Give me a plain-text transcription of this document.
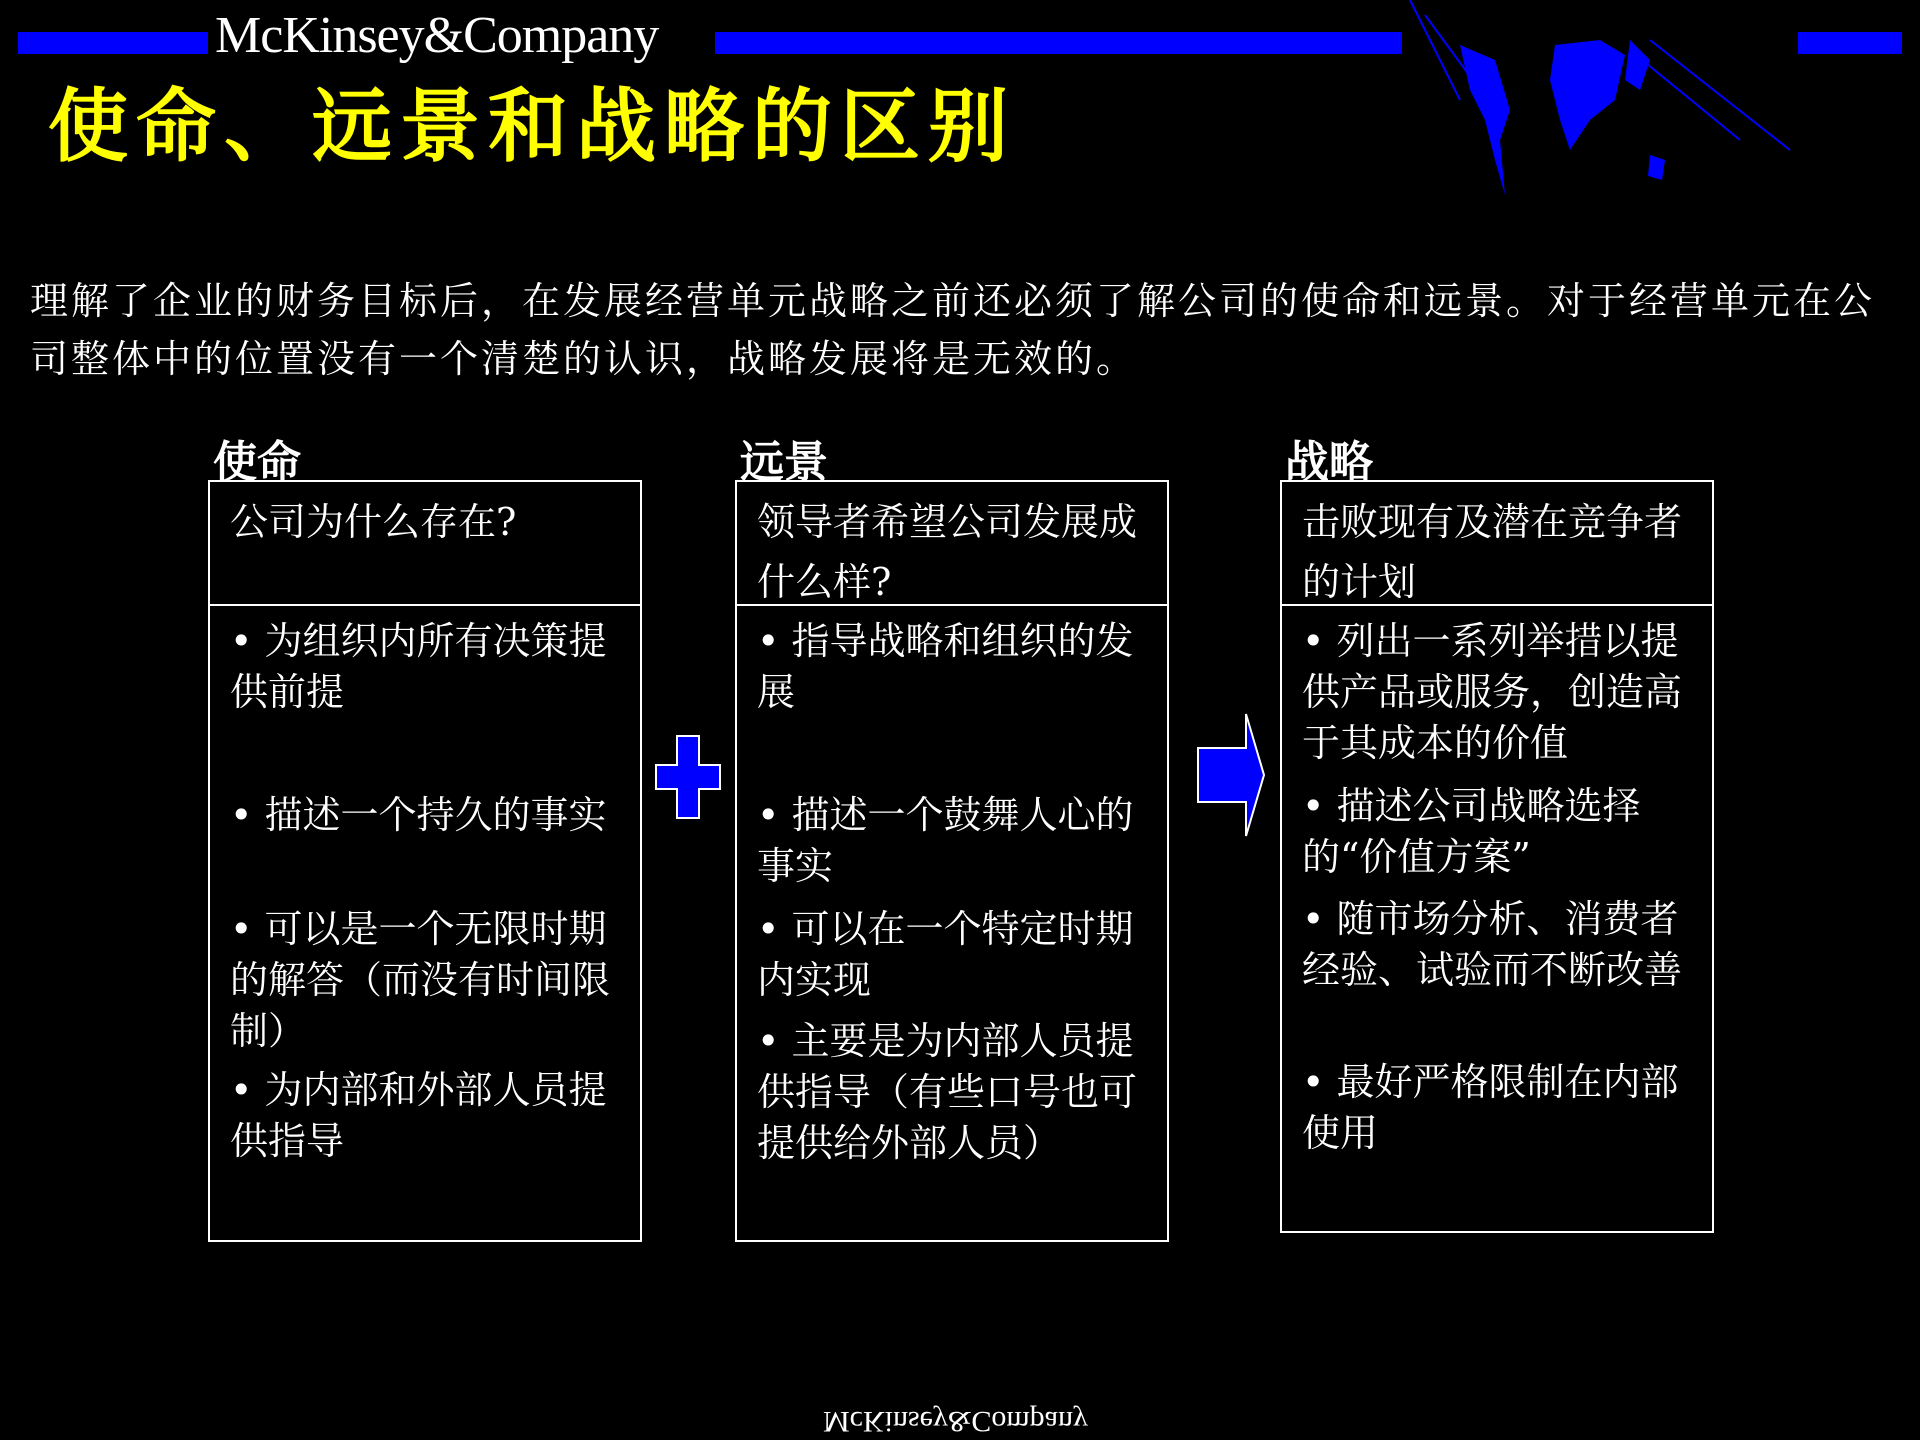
McKinsey&Company
使命、远景和战略的区别
理解了企业的财务目标后，在发展经营单元战略之前还必须了解公司的使命和远景。对于经营单元在公司整体中的位置没有一个清楚的认识，战略发展将是无效的。
使命	远景	战略
公司为什么存在?
• 为组织内所有决策提供前提
• 描述一个持久的事实
• 可以是一个无限时期的解答（而没有时间限制）
• 为内部和外部人员提供指导
领导者希望公司发展成什么样?
• 指导战略和组织的发展
• 描述一个鼓舞人心的事实
• 可以在一个特定时期内实现
• 主要是为内部人员提供指导（有些口号也可提供给外部人员）
击败现有及潜在竞争者的计划
• 列出一系列举措以提供产品或服务，创造高于其成本的价值
• 描述公司战略选择的“价值方案”
• 随市场分析、消费者经验、试验而不断改善
• 最好严格限制在内部使用
McKinsey&Company
